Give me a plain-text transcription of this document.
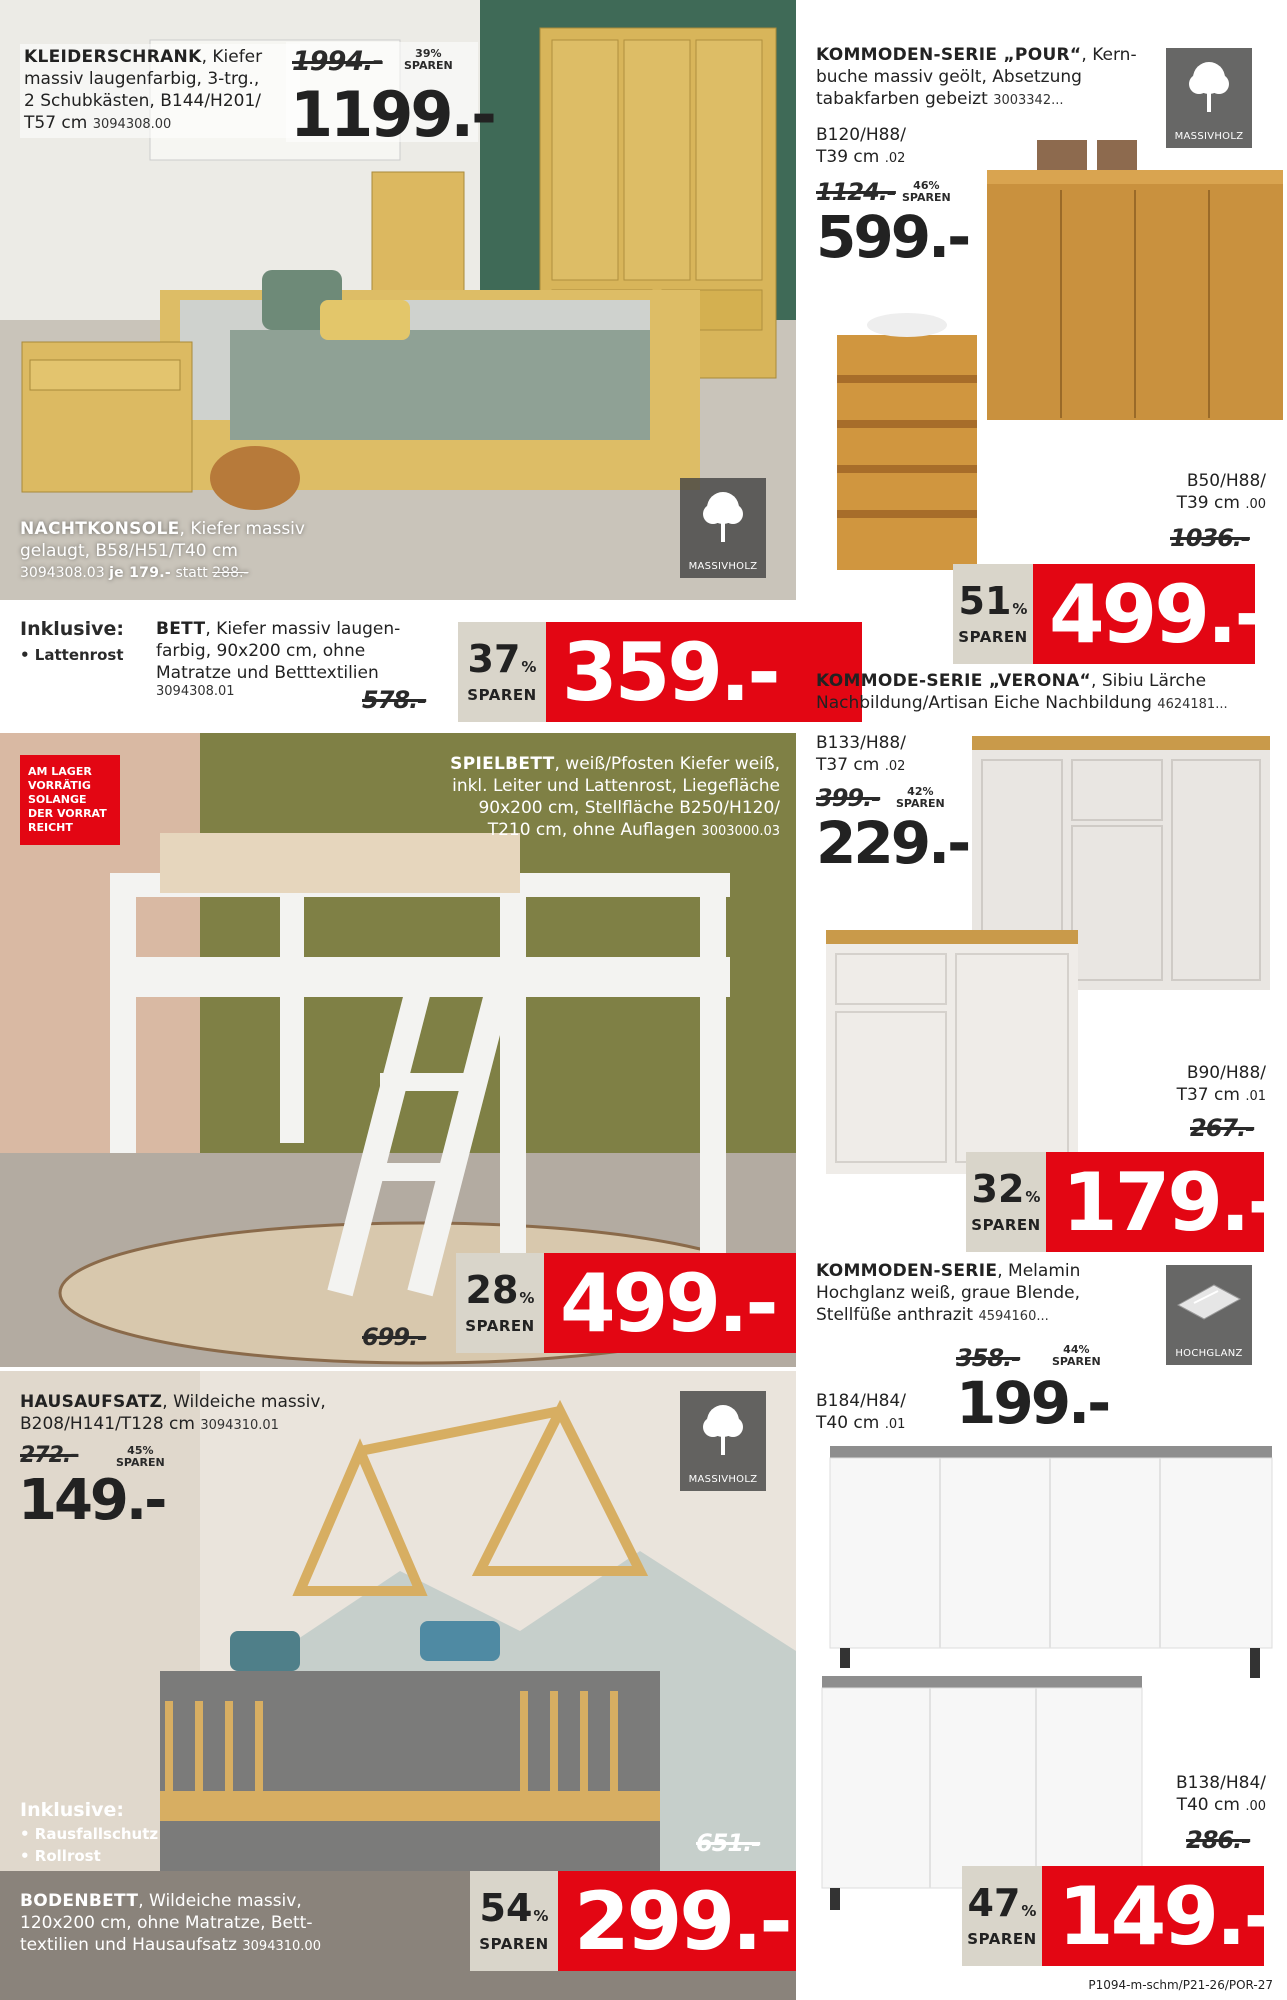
KLEIDERSCHRANK, Kiefer
massiv laugenfarbig, 3-trg.,
2 Schubkästen, B144/H201/
T57 cm 3094308.00
1994.-	39%
SPAREN
1199.-
NACHTKONSOLE, Kiefer massiv
gelaugt, B58/H51/T40 cm
3094308.03 je 179.- statt 288.-	MASSIVHOLZ
Inklusive:
• Lattenrost
BETT, Kiefer massiv laugen-
farbig, 90x200 cm, ohne
Matratze und Betttextilien
3094308.01
37%
SPAREN 359.-
578.-
AM LAGER
VORRÄTIG
SOLANGE
DER VORRAT
REICHT
SPIELBETT, weiß/Pfosten Kiefer weiß,
inkl. Leiter und Lattenrost, Liegefläche
90x200 cm, Stellfläche B250/H120/
T210 cm, ohne Auflagen 3003000.03
28%
SPAREN 499.-
699.-
HAUSAUFSATZ, Wildeiche massiv,
B208/H141/T128 cm 3094310.01
272.-	45%
SPAREN
149.-	MASSIVHOLZ
Inklusive:
• Rausfallschutz
• Rollrost
BODENBETT, Wildeiche massiv,
120x200 cm, ohne Matratze, Bett-
textilien und Hausaufsatz 3094310.00
651.-
54%
SPAREN 299.-
KOMMODEN-SERIE „POUR“, Kern-
buche massiv geölt, Absetzung
tabakfarben gebeizt 3003342...
MASSIVHOLZ
B120/H88/
T39 cm .02
1124.-	46%
SPAREN
599.-
B50/H88/
T39 cm .00
1036.-
51%
SPAREN 499.-
KOMMODE-SERIE „VERONA“, Sibiu Lärche
Nachbildung/Artisan Eiche Nachbildung 4624181...
B133/H88/
T37 cm .02
399.-	42%
SPAREN
229.-
B90/H88/
T37 cm .01
267.-
32%
SPAREN 179.-
KOMMODEN-SERIE, Melamin
Hochglanz weiß, graue Blende,
Stellfüße anthrazit 4594160...
HOCHGLANZ
358.-	44%
SPAREN
199.-
B184/H84/
T40 cm .01
B138/H84/
T40 cm .00
286.-
47%
SPAREN 149.-
P1094-m-schm/P21-26/POR-27
